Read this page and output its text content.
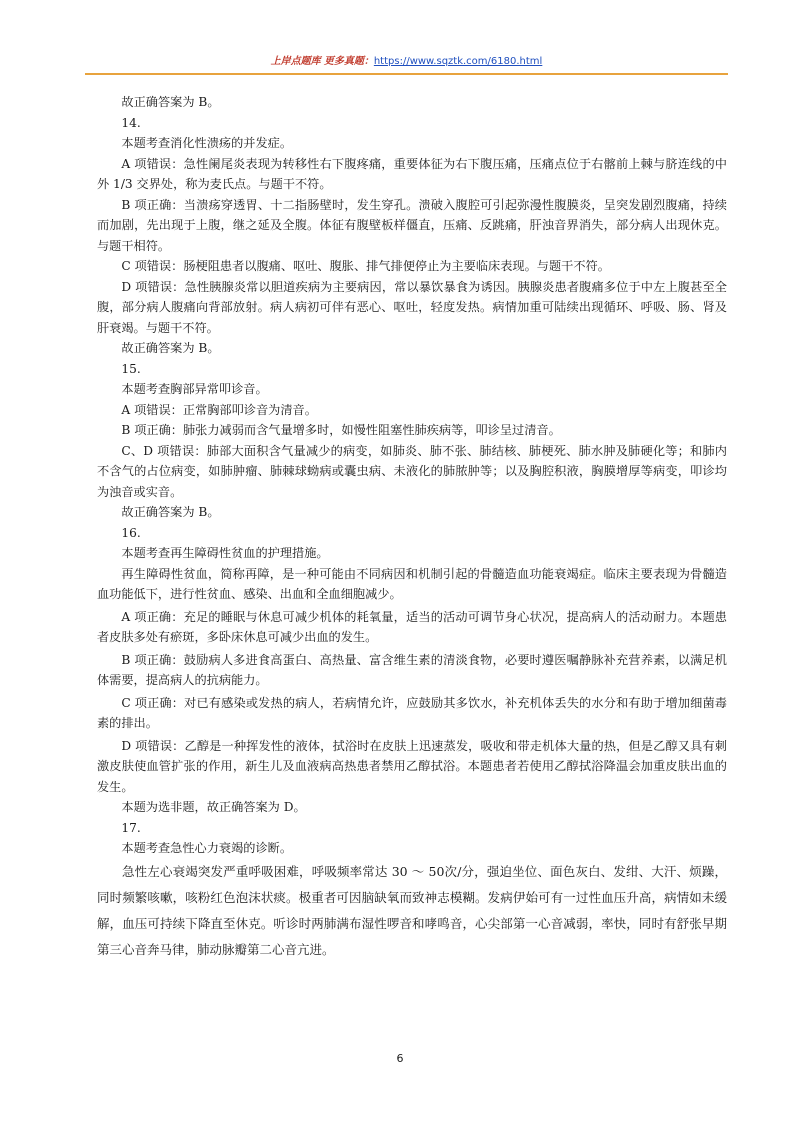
上岸点题库 更多真题：https://www.sqztk.com/6180.html

故正确答案为 B。

14.

本题考查消化性溃疡的并发症。

A 项错误：急性阑尾炎表现为转移性右下腹疼痛，重要体征为右下腹压痛，压痛点位于右髂前上棘与脐连线的中外 1/3 交界处，称为麦氏点。与题干不符。

B 项正确：当溃疡穿透胃、十二指肠壁时，发生穿孔。溃破入腹腔可引起弥漫性腹膜炎，呈突发剧烈腹痛，持续而加剧，先出现于上腹，继之延及全腹。体征有腹壁板样僵直，压痛、反跳痛，肝浊音界消失，部分病人出现休克。与题干相符。

C 项错误：肠梗阻患者以腹痛、呕吐、腹胀、排气排便停止为主要临床表现。与题干不符。

D 项错误：急性胰腺炎常以胆道疾病为主要病因，常以暴饮暴食为诱因。胰腺炎患者腹痛多位于中左上腹甚至全腹，部分病人腹痛向背部放射。病人病初可伴有恶心、呕吐，轻度发热。病情加重可陆续出现循环、呼吸、肠、肾及肝衰竭。与题干不符。

故正确答案为 B。

15.

本题考查胸部异常叩诊音。

A 项错误：正常胸部叩诊音为清音。

B 项正确：肺张力减弱而含气量增多时，如慢性阻塞性肺疾病等，叩诊呈过清音。

C、D 项错误：肺部大面积含气量减少的病变，如肺炎、肺不张、肺结核、肺梗死、肺水肿及肺硬化等；和肺内不含气的占位病变，如肺肿瘤、肺棘球蚴病或囊虫病、未液化的肺脓肿等；以及胸腔积液，胸膜增厚等病变，叩诊均为浊音或实音。

故正确答案为 B。

16.

本题考查再生障碍性贫血的护理措施。

再生障碍性贫血，简称再障，是一种可能由不同病因和机制引起的骨髓造血功能衰竭症。临床主要表现为骨髓造血功能低下，进行性贫血、感染、出血和全血细胞减少。

A 项正确：充足的睡眠与休息可减少机体的耗氧量，适当的活动可调节身心状况，提高病人的活动耐力。本题患者皮肤多处有瘀斑，多卧床休息可减少出血的发生。

B 项正确：鼓励病人多进食高蛋白、高热量、富含维生素的清淡食物，必要时遵医嘱静脉补充营养素，以满足机体需要，提高病人的抗病能力。

C 项正确：对已有感染或发热的病人，若病情允许，应鼓励其多饮水，补充机体丢失的水分和有助于增加细菌毒素的排出。

D 项错误：乙醇是一种挥发性的液体，拭浴时在皮肤上迅速蒸发，吸收和带走机体大量的热，但是乙醇又具有刺激皮肤使血管扩张的作用，新生儿及血液病高热患者禁用乙醇拭浴。本题患者若使用乙醇拭浴降温会加重皮肤出血的发生。

本题为选非题，故正确答案为 D。

17.

本题考查急性心力衰竭的诊断。

急性左心衰竭突发严重呼吸困难，呼吸频率常达 30 ～ 50次/分，强迫坐位、面色灰白、发绀、大汗、烦躁，同时频繁咳嗽，咳粉红色泡沫状痰。极重者可因脑缺氧而致神志模糊。发病伊始可有一过性血压升高，病情如未缓解，血压可持续下降直至休克。听诊时两肺满布湿性啰音和哮鸣音，心尖部第一心音减弱，率快，同时有舒张早期第三心音奔马律，肺动脉瓣第二心音亢进。

6
